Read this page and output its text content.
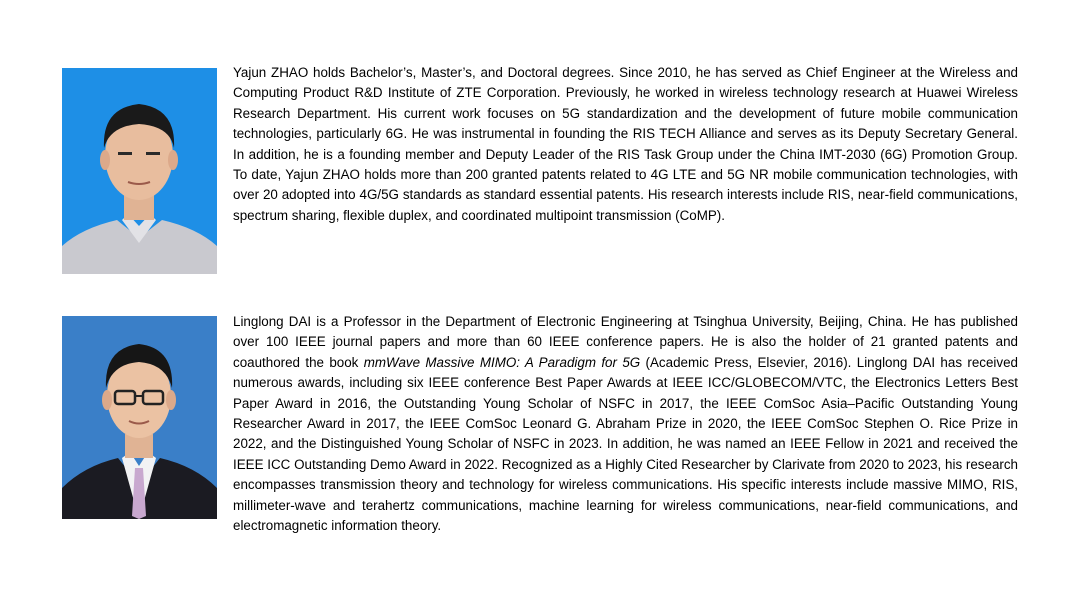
Yajun ZHAO holds Bachelor’s, Master’s, and Doctoral degrees. Since 2010, he has served as Chief Engineer at the Wireless and Computing Product R&D Institute of ZTE Corporation. Previously, he worked in wireless technology research at Huawei Wireless Research Department. His current work focuses on 5G standardization and the development of future mobile communication technologies, particularly 6G. He was instrumental in founding the RIS TECH Alliance and serves as its Deputy Secretary General. In addition, he is a founding member and Deputy Leader of the RIS Task Group under the China IMT-2030 (6G) Promotion Group. To date, Yajun ZHAO holds more than 200 granted patents related to 4G LTE and 5G NR mobile communication technologies, with over 20 adopted into 4G/5G standards as standard essential patents. His research interests include RIS, near-field communications, spectrum sharing, flexible duplex, and coordinated multipoint transmission (CoMP).

Linglong DAI is a Professor in the Department of Electronic Engineering at Tsinghua University, Beijing, China. He has published over 100 IEEE journal papers and more than 60 IEEE conference papers. He is also the holder of 21 granted patents and coauthored the book mmWave Massive MIMO: A Paradigm for 5G (Academic Press, Elsevier, 2016). Linglong DAI has received numerous awards, including six IEEE conference Best Paper Awards at IEEE ICC/GLOBECOM/VTC, the Electronics Letters Best Paper Award in 2016, the Outstanding Young Scholar of NSFC in 2017, the IEEE ComSoc Asia–Pacific Outstanding Young Researcher Award in 2017, the IEEE ComSoc Leonard G. Abraham Prize in 2020, the IEEE ComSoc Stephen O. Rice Prize in 2022, and the Distinguished Young Scholar of NSFC in 2023. In addition, he was named an IEEE Fellow in 2021 and received the IEEE ICC Outstanding Demo Award in 2022. Recognized as a Highly Cited Researcher by Clarivate from 2020 to 2023, his research encompasses transmission theory and technology for wireless communications. His specific interests include massive MIMO, RIS, millimeter-wave and terahertz communications, machine learning for wireless communications, near-field communications, and electromagnetic information theory.
